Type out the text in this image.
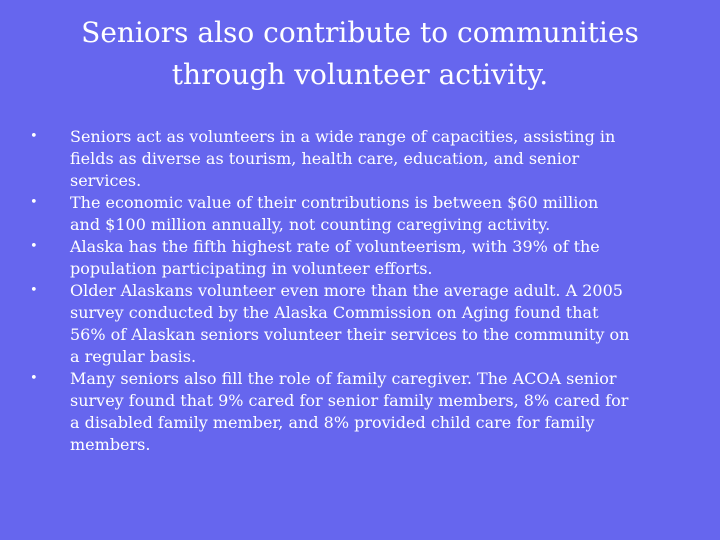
Seniors also contribute to communities
through volunteer activity.
• Seniors act as volunteers in a wide range of capacities, assisting in
fields as diverse as tourism, health care, education, and senior
services.
• The economic value of their contributions is between $60 million
and $100 million annually, not counting caregiving activity.
• Alaska has the fifth highest rate of volunteerism, with 39% of the
population participating in volunteer efforts.
• Older Alaskans volunteer even more than the average adult. A 2005
survey conducted by the Alaska Commission on Aging found that
56% of Alaskan seniors volunteer their services to the community on
a regular basis.
• Many seniors also fill the role of family caregiver. The ACOA senior
survey found that 9% cared for senior family members, 8% cared for
a disabled family member, and 8% provided child care for family
members.
